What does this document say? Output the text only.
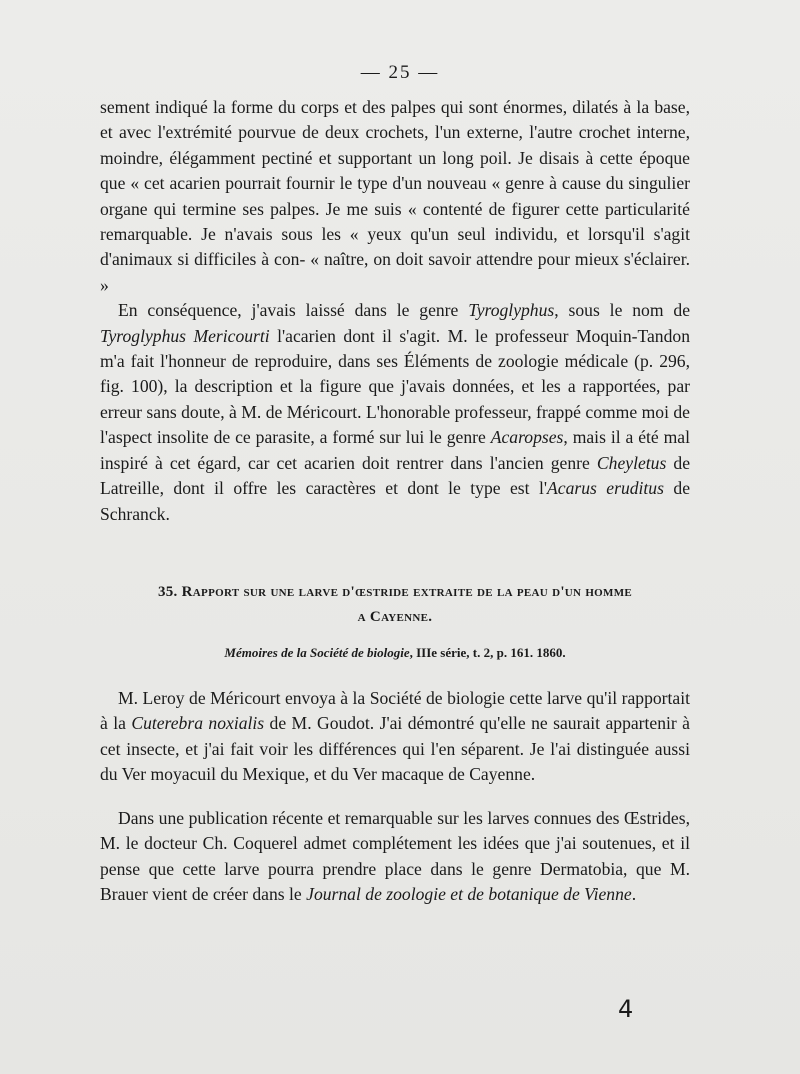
— 25 —

sement indiqué la forme du corps et des palpes qui sont énormes, dilatés à la base, et avec l'extrémité pourvue de deux crochets, l'un externe, l'autre crochet interne, moindre, élégamment pectiné et supportant un long poil. Je disais à cette époque que « cet acarien pourrait fournir le type d'un nouveau « genre à cause du singulier organe qui termine ses palpes. Je me suis « contenté de figurer cette particularité remarquable. Je n'avais sous les « yeux qu'un seul individu, et lorsqu'il s'agit d'animaux si difficiles à con- « naître, on doit savoir attendre pour mieux s'éclairer. »

En conséquence, j'avais laissé dans le genre Tyroglyphus, sous le nom de Tyroglyphus Mericourti l'acarien dont il s'agit. M. le professeur Moquin-Tandon m'a fait l'honneur de reproduire, dans ses Éléments de zoologie médicale (p. 296, fig. 100), la description et la figure que j'avais données, et les a rapportées, par erreur sans doute, à M. de Méricourt. L'honorable professeur, frappé comme moi de l'aspect insolite de ce parasite, a formé sur lui le genre Acaropses, mais il a été mal inspiré à cet égard, car cet acarien doit rentrer dans l'ancien genre Cheyletus de Latreille, dont il offre les caractères et dont le type est l'Acarus eruditus de Schranck.

35. Rapport sur une larve d'œstride extraite de la peau d'un homme
a Cayenne.
Mémoires de la Société de biologie, IIIe série, t. 2, p. 161. 1860.

M. Leroy de Méricourt envoya à la Société de biologie cette larve qu'il rapportait à la Cuterebra noxialis de M. Goudot. J'ai démontré qu'elle ne saurait appartenir à cet insecte, et j'ai fait voir les différences qui l'en séparent. Je l'ai distinguée aussi du Ver moyacuil du Mexique, et du Ver macaque de Cayenne.

Dans une publication récente et remarquable sur les larves connues des Œstrides, M. le docteur Ch. Coquerel admet complétement les idées que j'ai soutenues, et il pense que cette larve pourra prendre place dans le genre Dermatobia, que M. Brauer vient de créer dans le Journal de zoologie et de botanique de Vienne.

4
